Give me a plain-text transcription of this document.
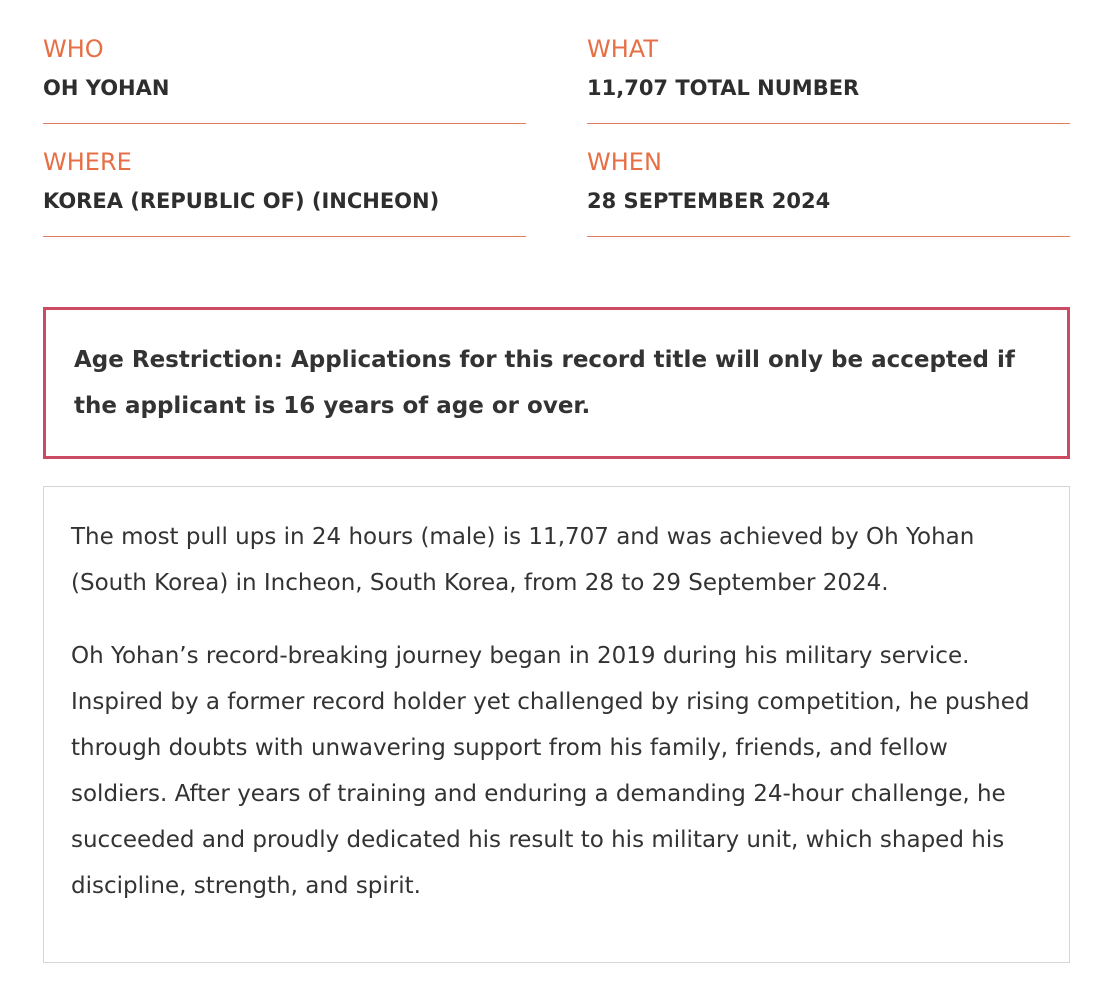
WHO
OH YOHAN
WHAT
11,707 TOTAL NUMBER
WHERE
KOREA (REPUBLIC OF) (INCHEON)
WHEN
28 SEPTEMBER 2024

Age Restriction: Applications for this record title will only be accepted if the applicant is 16 years of age or over.

The most pull ups in 24 hours (male) is 11,707 and was achieved by Oh Yohan (South Korea) in Incheon, South Korea, from 28 to 29 September 2024.

Oh Yohan’s record-breaking journey began in 2019 during his military service. Inspired by a former record holder yet challenged by rising competition, he pushed through doubts with unwavering support from his family, friends, and fellow soldiers. After years of training and enduring a demanding 24-hour challenge, he succeeded and proudly dedicated his result to his military unit, which shaped his discipline, strength, and spirit.
